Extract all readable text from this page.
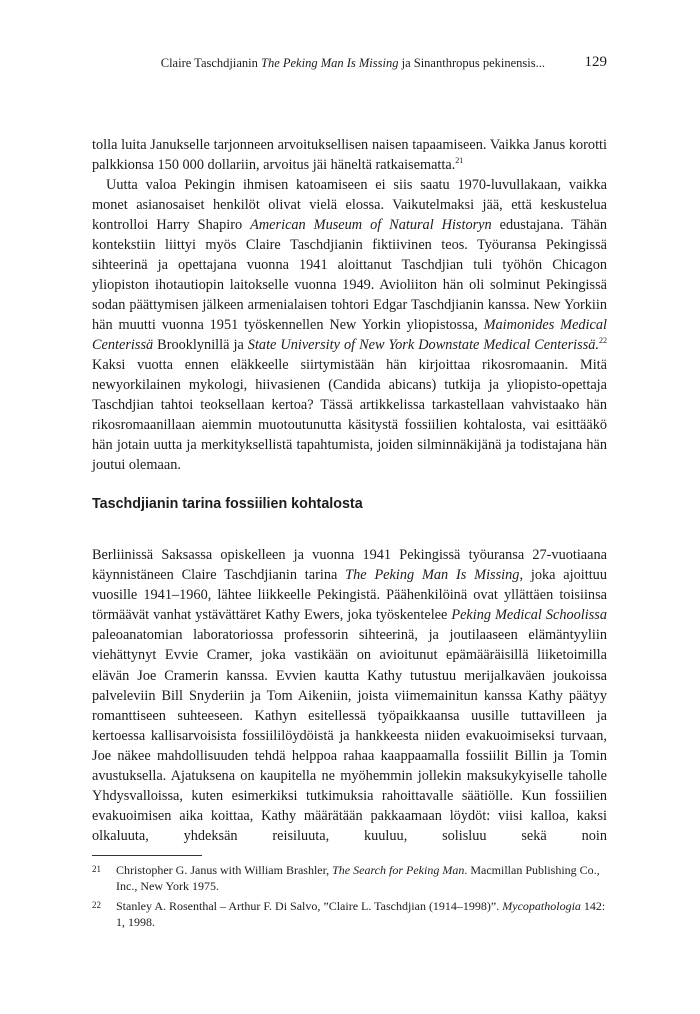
Claire Taschdjianin The Peking Man Is Missing ja Sinanthropus pekinensis...	129

tolla luita Janukselle tarjonneen arvoituksellisen naisen tapaamiseen. Vaikka Janus korotti palkkionsa 150 000 dollariin, arvoitus jäi häneltä ratkaisematta.$^{21}$

Uutta valoa Pekingin ihmisen katoamiseen ei siis saatu 1970-luvullakaan, vaikka monet asianosaiset henkilöt olivat vielä elossa. Vaikutelmaksi jää, että keskustelua kontrolloi Harry Shapiro American Museum of Natural Historyn edustajana. Tähän kontekstiin liittyi myös Claire Taschdjianin fiktiivinen teos. Työuransa Pekingissä sihteerinä ja opettajana vuonna 1941 aloittanut Taschdjian tuli työhön Chicagon yliopiston ihotautiopin laitokselle vuonna 1949. Avioliiton hän oli solminut Pekingissä sodan päättymisen jälkeen armenialaisen tohtori Edgar Taschdjianin kanssa. New Yorkiin hän muutti vuonna 1951 työskennellen New Yorkin yliopistossa, Maimonides Medical Centerissä Brooklynillä ja State University of New York Downstate Medical Centerissä.$^{22}$ Kaksi vuotta ennen eläkkeelle siirtymistään hän kirjoittaa rikosromaanin. Mitä newyorkilainen mykologi, hiivasienen (Candida abicans) tutkija ja yliopisto-opettaja Taschdjian tahtoi teoksellaan kertoa? Tässä artikkelissa tarkastellaan vahvistaako hän rikosromaanillaan aiemmin muotoutunutta käsitystä fossiilien kohtalosta, vai esittääkö hän jotain uutta ja merkityksellistä tapahtumista, joiden silminnäkijänä ja todistajana hän joutui olemaan.

Taschdjianin tarina fossiilien kohtalosta

Berliinissä Saksassa opiskelleen ja vuonna 1941 Pekingissä työuransa 27-vuotiaana käynnistäneen Claire Taschdjianin tarina The Peking Man Is Missing, joka ajoittuu vuosille 1941–1960, lähtee liikkeelle Pekingistä. Päähenkilöinä ovat yllättäen toisiinsa törmäävät vanhat ystävättäret Kathy Ewers, joka työskentelee Peking Medical Schoolissa paleoanatomian laboratoriossa professorin sihteerinä, ja joutilaaseen elämäntyyliin viehättynyt Evvie Cramer, joka vastikään on avioitunut epämääräisillä liiketoimilla elävän Joe Cramerin kanssa. Evvien kautta Kathy tutustuu merijalkaväen joukoissa palveleviin Bill Snyderiin ja Tom Aikeniin, joista viimemainitun kanssa Kathy päätyy romanttiseen suhteeseen. Kathyn esitellessä työpaikkaansa uusille tuttavilleen ja kertoessa kallisarvoisista fossiililöydöistä ja hankkeesta niiden evakuoimiseksi turvaan, Joe näkee mahdollisuuden tehdä helppoa rahaa kaappaamalla fossiilit Billin ja Tomin avustuksella. Ajatuksena on kaupitella ne myöhemmin jollekin maksukykyiselle taholle Yhdysvalloissa, kuten esimerkiksi tutkimuksia rahoittavalle säätiölle. Kun fossiilien evakuoimisen aika koittaa, Kathy määrätään pakkaamaan löydöt: viisi kalloa, kaksi olkaluuta, yhdeksän reisiluuta, kuuluu, solisluu sekä noin

21	Christopher G. Janus with William Brashler, The Search for Peking Man. Macmillan Publishing Co., Inc., New York 1975.
22	Stanley A. Rosenthal – Arthur F. Di Salvo, ”Claire L. Taschdjian (1914–1998)”. Mycopathologia 142: 1, 1998.
